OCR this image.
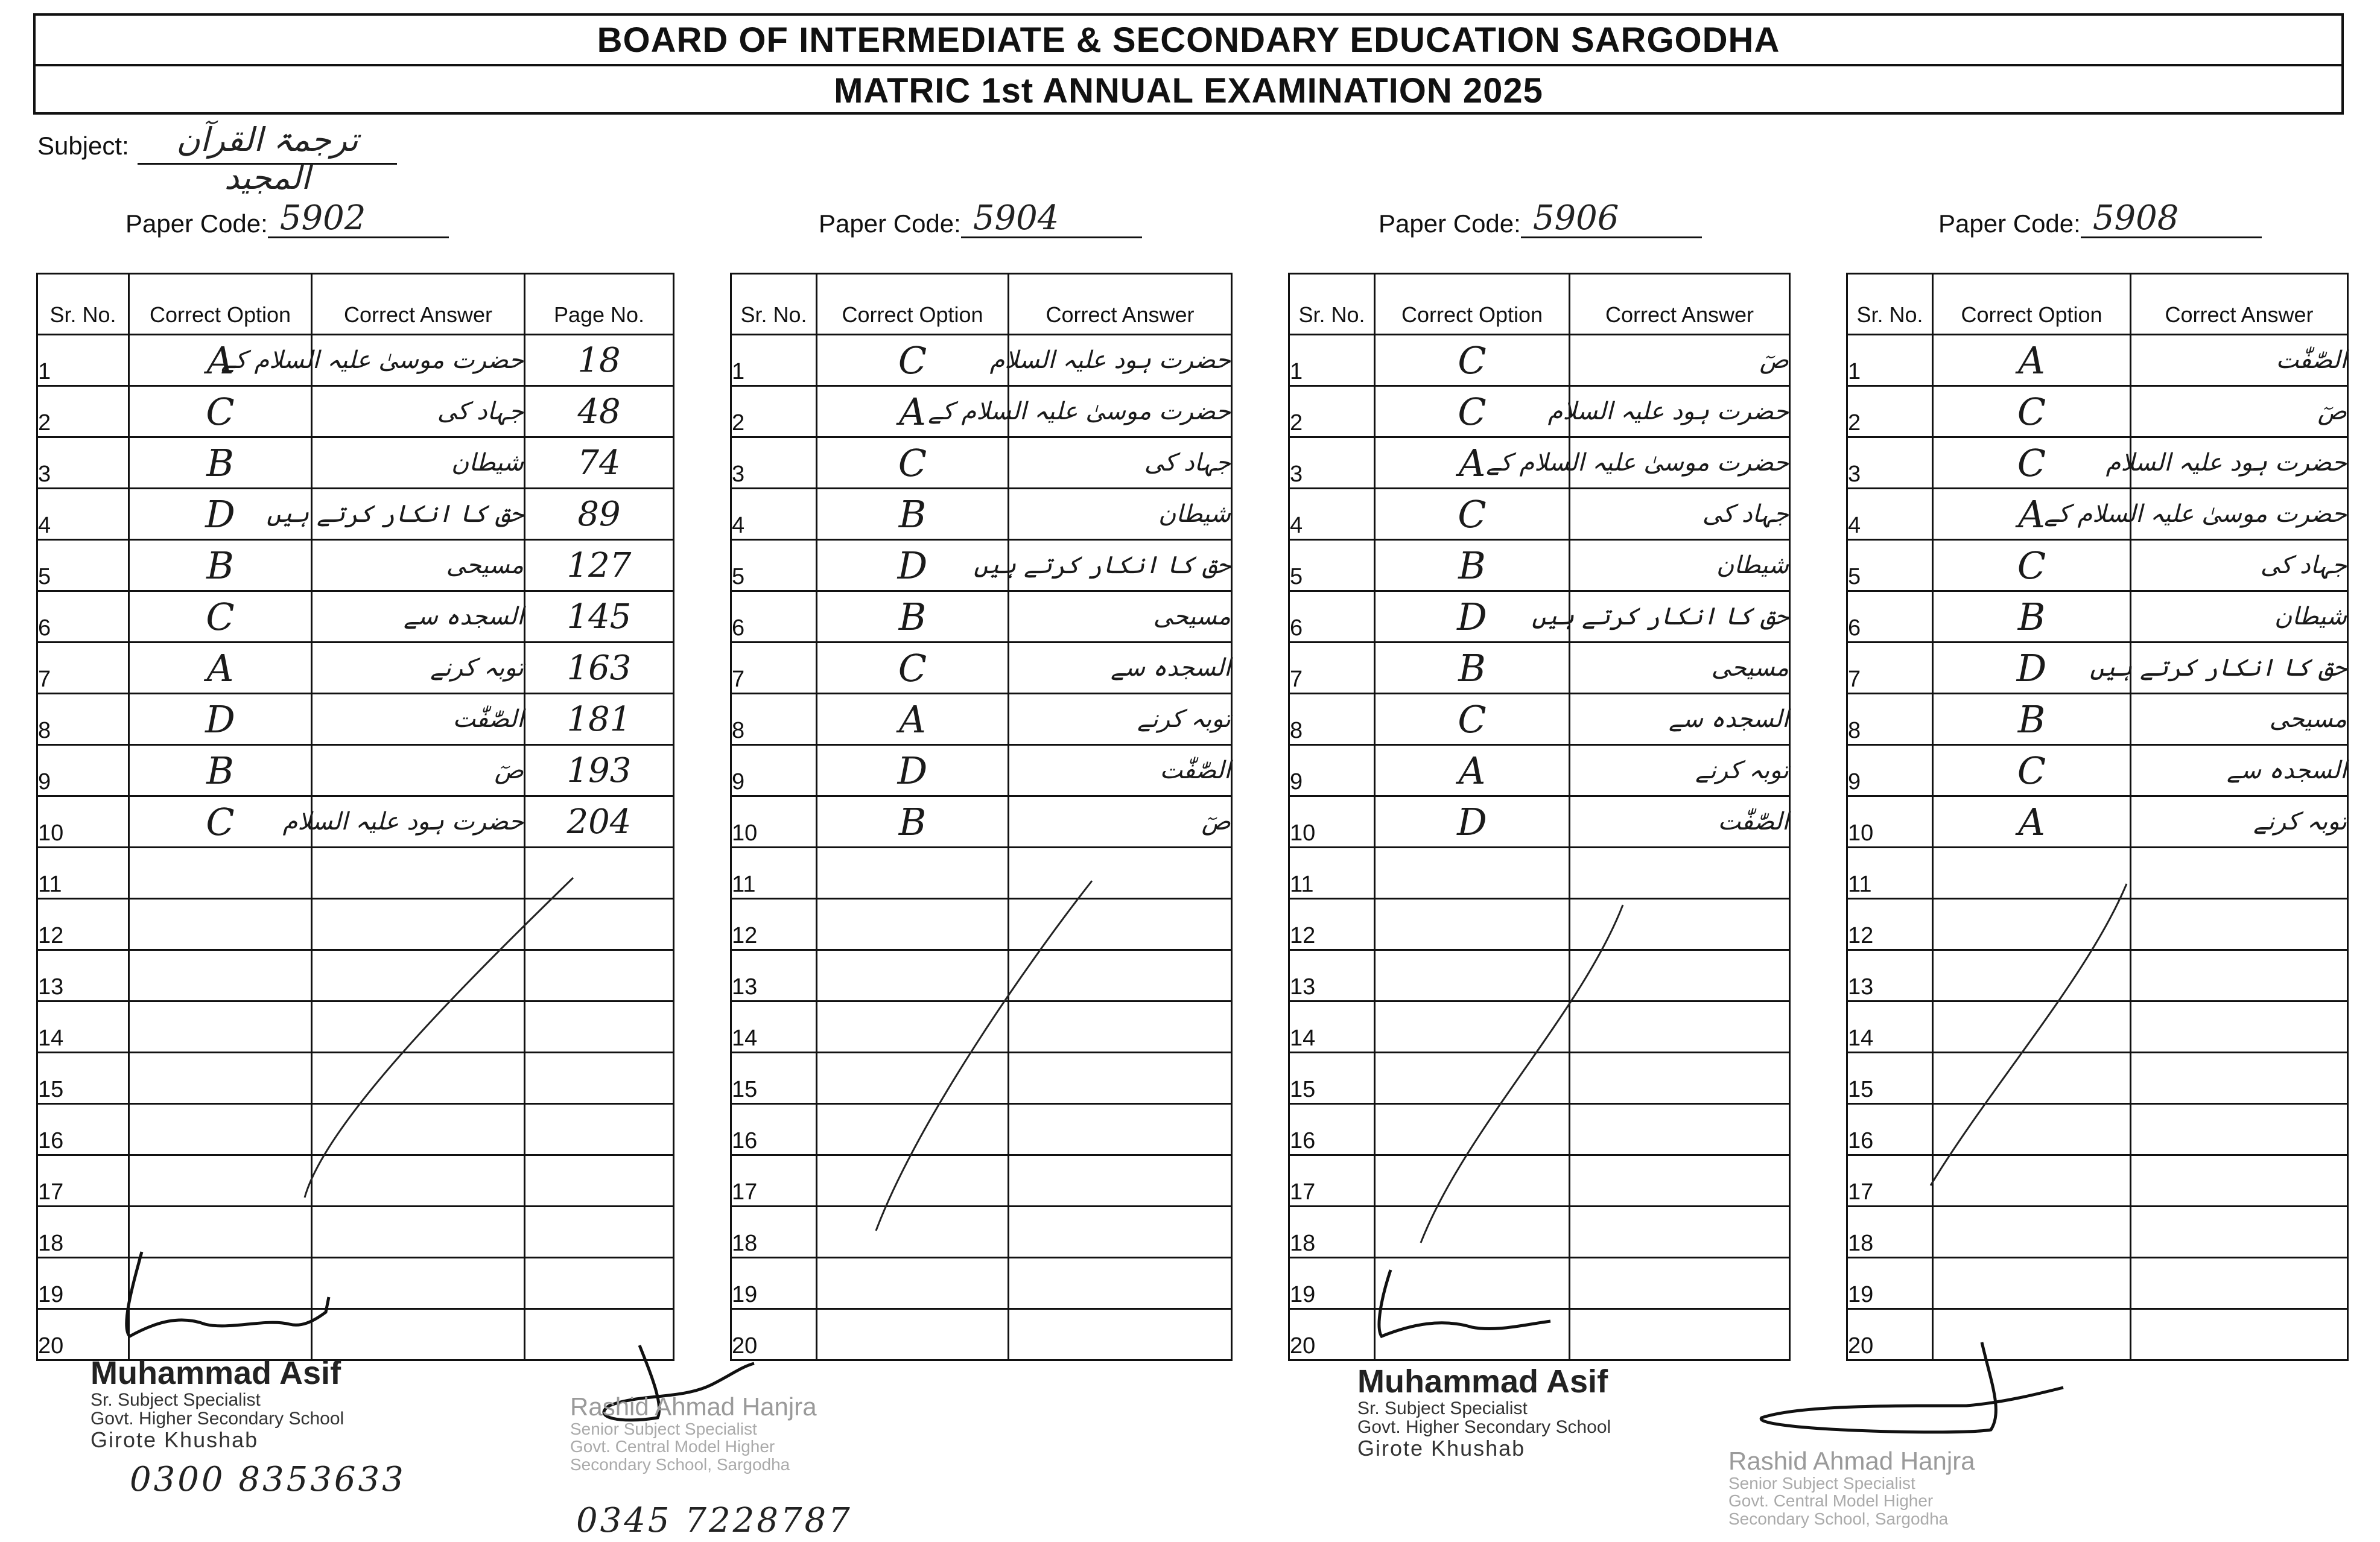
BOARD OF INTERMEDIATE & SECONDARY EDUCATION SARGODHA
MATRIC 1st ANNUAL EXAMINATION 2025
Subject:	ترجمۃ القرآن المجید
Paper Code: 5902	Paper Code: 5904	Paper Code: 5906	Paper Code: 5908
Sr. No.	Correct Option	Correct Answer	Page No.
1	A	حضرت موسیٰ علیہ السلام کے	18
2	C	جہاد کی	48
3	B	شیطان	74
4	D	حق کا انکار کرتے ہیں	89
5	B	مسیحی	127
6	C	السجدہ سے	145
7	A	توبہ کرنے	163
8	D	الصّٰفّٰت	181
9	B	صٓ	193
10	C	حضرت ہود علیہ السلام	204
11			
12			
13			
14			
15			
16			
17			
18			
19			
20			
Sr. No.	Correct Option	Correct Answer
1	C	حضرت ہود علیہ السلام
2	A	حضرت موسیٰ علیہ السلام کے
3	C	جہاد کی
4	B	شیطان
5	D	حق کا انکار کرتے ہیں
6	B	مسیحی
7	C	السجدہ سے
8	A	توبہ کرنے
9	D	الصّٰفّٰت
10	B	صٓ
11		
12		
13		
14		
15		
16		
17		
18		
19		
20		
Sr. No.	Correct Option	Correct Answer
1	C	صٓ
2	C	حضرت ہود علیہ السلام
3	A	حضرت موسیٰ علیہ السلام کے
4	C	جہاد کی
5	B	شیطان
6	D	حق کا انکار کرتے ہیں
7	B	مسیحی
8	C	السجدہ سے
9	A	توبہ کرنے
10	D	الصّٰفّٰت
11		
12		
13		
14		
15		
16		
17		
18		
19		
20		
Sr. No.	Correct Option	Correct Answer
1	A	الصّٰفّٰت
2	C	صٓ
3	C	حضرت ہود علیہ السلام
4	A	حضرت موسیٰ علیہ السلام کے
5	C	جہاد کی
6	B	شیطان
7	D	حق کا انکار کرتے ہیں
8	B	مسیحی
9	C	السجدہ سے
10	A	توبہ کرنے
11		
12		
13		
14		
15		
16		
17		
18		
19		
20		
Muhammad Asif
Sr. Subject Specialist
Govt. Higher Secondary School
Girote Khushab
0300 8353633
Rashid Ahmad Hanjra
Senior Subject Specialist
Govt. Central Model Higher
Secondary School, Sargodha
0345 7228787
Muhammad Asif
Sr. Subject Specialist
Govt. Higher Secondary School
Girote Khushab	Rashid Ahmad Hanjra
Senior Subject Specialist
Govt. Central Model Higher
Secondary School, Sargodha
